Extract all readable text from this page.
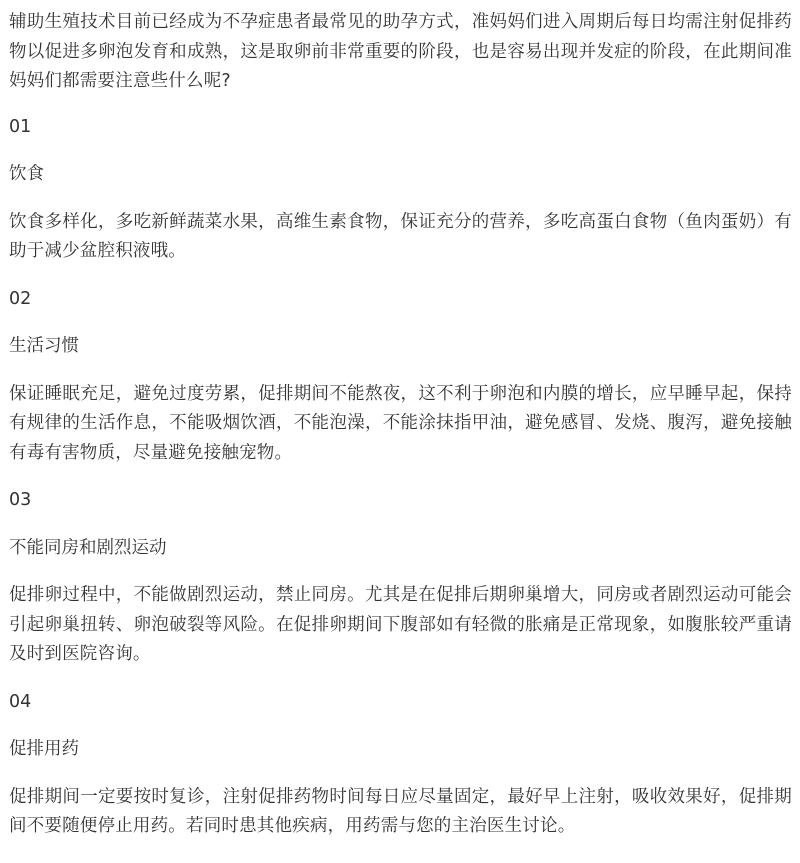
辅助生殖技术目前已经成为不孕症患者最常见的助孕方式，准妈妈们进入周期后每日均需注射促排药物以促进多卵泡发育和成熟，这是取卵前非常重要的阶段，也是容易出现并发症的阶段，在此期间准妈妈们都需要注意些什么呢?

01

饮食

饮食多样化，多吃新鲜蔬菜水果，高维生素食物，保证充分的营养，多吃高蛋白食物（鱼肉蛋奶）有助于减少盆腔积液哦。

02

生活习惯

保证睡眠充足，避免过度劳累，促排期间不能熬夜，这不利于卵泡和内膜的增长，应早睡早起，保持有规律的生活作息，不能吸烟饮酒，不能泡澡，不能涂抹指甲油，避免感冒、发烧、腹泻，避免接触有毒有害物质，尽量避免接触宠物。

03

不能同房和剧烈运动

促排卵过程中，不能做剧烈运动，禁止同房。尤其是在促排后期卵巢增大，同房或者剧烈运动可能会引起卵巢扭转、卵泡破裂等风险。在促排卵期间下腹部如有轻微的胀痛是正常现象，如腹胀较严重请及时到医院咨询。

04

促排用药

促排期间一定要按时复诊，注射促排药物时间每日应尽量固定，最好早上注射，吸收效果好，促排期间不要随便停止用药。若同时患其他疾病，用药需与您的主治医生讨论。
